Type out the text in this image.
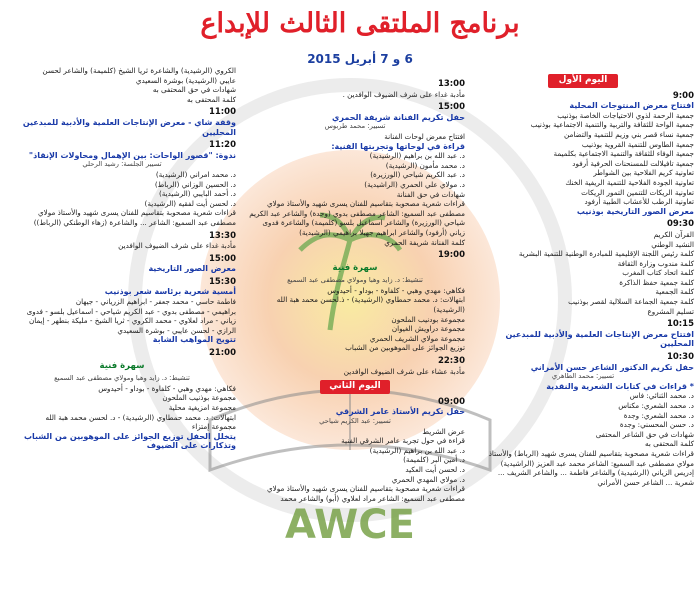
AWCE
برنامج الملتقى الثالث للإبداع
6 و 7 أبريل 2015
اليوم الأول
9:00
افتتاح معرض المنتوجات المحلية
جمعية الرحمة لذوي الاحتياجات الخاصة بوذنيب
جمعية الواحة للثقافة والتربية والتنمية الاجتماعية بوذنيب
جمعية نساء قصر بني وزيم للتنمية والتضامن
جمعية الطاوس للتنمية القروية بوذنيب
جمعية الوفاء للثقافة والتنمية الاجتماعية بكلميمة
جمعية تافيلالت للمسنحنات الحرفية أرفود
تعاونية كريم الفلاحية بين الشواطر
تعاونية الجودة الفلاحية للتنمية الريفية الخنك
تعاونية الريكات للتنمين التمور الريكات
تعاونية الرطب للأعشاب الطبية أرفود
معرض الصور التاريخية بوذنيب
09:30
القرآن الكريم
النشيد الوطني
كلمة رئيس اللجنة الإقليمية للمبادرة الوطنية للتنمية البشرية
كلمة مندوب وزارة الثقافة
كلمة اتحاد كتاب المغرب
كلمة جمعية حفظ الذاكرة
كلمة الجمعية
كلمة جمعية الجماعة السلالية لقصر بوذنيب
تسليم المشروع
10:15
افتتاح معرض الإنتاجات العلمية والأدبية للمبدعين المحليين
10:30
حفل تكريم الدكتور الشاعر حسن الأمراني
تسيير: محمد الطاهري
* قراءات في كتابات الشعرية والنقدية
د. محمد الثنائي: فاس
د. محمد الشعري: مكناس
د. محمد الشعري: وجدة
د. حسن المحسني: وجدة
شهادات في حق الشاعر المحتفى
كلمة المحتفى به
قراءات شعرية مصحوبة بتقاسيم للفنان يسرى شهيد (الرباط) والأستاذ
مولاي مصطفى عبد السميع: الشاعر محمد عبد العزيز (الراشيدية)
إدريس الزياني (الرشيدية) والشاعر فاطمة ... والشاعر الشريف ...
شعرية ... الشاعر حسن الأمراني
13:00
مأدبة غداء على شرف الضيوف الوافدين .
15:00
حفل تكريم الفنانة شريفة الحمري
تسيير: محمد طربوس
افتتاح معرض لوحات الفنانة
قراءة في لوحاتها وتجربتها الفنية:
د. عبد الله بن براهيم (الرشيدية)
د. محمد مأمون (الرشيدية)
د. عبد الكريم شياحي (الورزيرة)
د. مولاي علي الحمري (الراشيدية)
شهادات في حق الفنانة
قراءات شعرية مصحوبة بتقاسيم للفنان يسرى شهيد والأستاذ مولاي
مصطفى عبد السميع: الشاعر مصطفى بدوي (وجدة) والشاعر عبد الكريم
شياحي (الورزيرة) والشاعر اسماعيل بلسو (كلميمة) والشاعرة فدوى
زياني (أرفود) والشاعر ابراهيم جهيلا براهيمي (الرشيدية)
كلمة الفنانة شريفة الحمري
19:00
سهرة فنية
تنشيط: د. زايد وهبا ومولاي مصطفى عبد السميع
فكاهي: مهدي وهبي - كلفاوة - بوداو - أحيدوس
ابتهالات: د. محمد حمطاوي (الرشيدية) - ذ.لحسن محمد هبة الله (الرشيدية)
مجموعة بودنيب الملحون
مجموعة دراويش الغيوان
مجموعة مولاي الشريف الحمري
توزيع الجوائز على الموهوبين من الشباب
22:30
مأدبة عشاء على شرف الضيوف الوافدين
اليوم الثاني
09:00
حفل تكريم الأستاذ عامر الشرقي
تسيير: عبد الكريم شياحي
عرض الشريط
قراءة في حول تجربة عامر الشرقي الفنية
د. عبد الله بن براهيم (الرشيدية)
د. أمين البر (كلميمة)
د. لحسن أيت العكيد
د. مولاي المهدي الحمري
قراءات شعرية مصحوبة بتقاسيم للفنان يسرى شهيد والأستاذ مولاي
مصطفى عبد السميع: الشاعر مراد لعلاوي (أبو) والشاعر محمد
الكروي (الرشيدية) والشاعرة ثريا الشيخ (كلميمة) والشاعر لحسن
عايبي (الرشيدية) بوشرة السعيدي
شهادات في حق المحتفى به
كلمة المحتفى به
11:00
وقفة شاي - معرض الإنتاجات العلمية والأدبية للمبدعين المحليين
11:20
ندوة: "قصور الواحات: بين الإهمال ومحاولات الإنقاذ"
تسيير الجلسة: رشيد الرحلي
د. محمد امراني (الرشيدية)
د. الحسين الوزاني (الرباط)
د. أحمد البايبي (الرشيدية)
د. لحسن أيت لفقيه (الرشيدية)
قراءات شعرية مصحوبة بتقاسيم للفنان يسرى شهيد والأستاذ مولاي
مصطفى عبد السميع: الشاعر ... والشاعرة (زهاء الوطنكي (الرباط))
13:30
مأدبة غداء على شرف الضيوف الوافدين
15:00
معرض الصور التاريخية
15:30
أمسية شعرية برئاسة شعر بوذنيب
فاطمة حاسي - محمد جعفر - ابراهيم الزرياني - جيهان
براهيمي - مصطفى بدوي - عبد الكريم شياحي - اسماعيل بلسو - فدوى
زياني - مراد لعلاوي - محمد الكروي - ثريا الشيخ - مليكة بنطهر - إيمان
الرازي - لحسن عايبي - بوشرة السعيدي
تتويج المواهب الشابة
21:00
سهرة فنية
تنشيط: د. زايد وهبا ومولاي مصطفى عبد السميع
فكاهي: مهدي وهبي - كلفاوة - بوداو - أحيدوس
مجموعة بوذنيب الملحون
مجموعة امزيغية محلية
ابتهالات: د. محمد حمطاوي (الرشيدية) - د. لحسن محمد هبة الله
مجموعة إمتزاء
يتخلل الحفل توزيع الجوائز على الموهوبين من الشباب
وتذكارات على الضيوف
